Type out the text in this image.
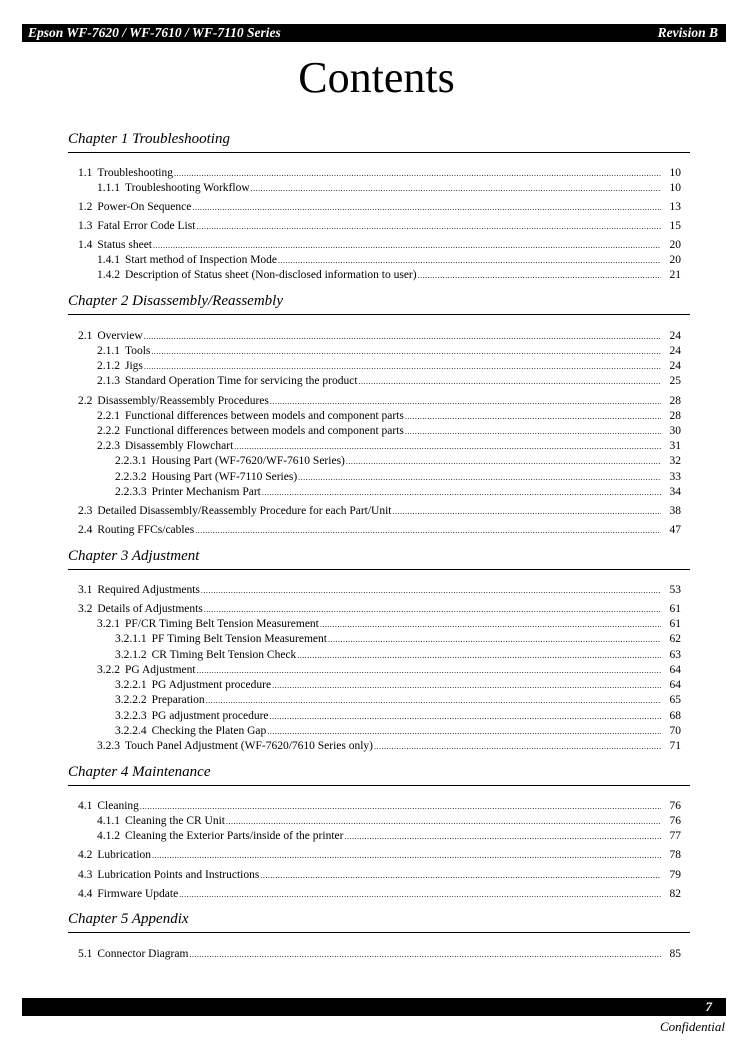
Epson WF-7620 / WF-7610 / WF-7110 Series	Revision B
Contents
Chapter 1 Troubleshooting
1.1 Troubleshooting .....	10
1.1.1 Troubleshooting Workflow .....	10
1.2 Power-On Sequence .....	13
1.3 Fatal Error Code List .....	15
1.4 Status sheet .....	20
1.4.1 Start method of Inspection Mode .....	20
1.4.2 Description of Status sheet (Non-disclosed information to user) .....	21
Chapter 2 Disassembly/Reassembly
2.1 Overview .....	24
2.1.1 Tools .....	24
2.1.2 Jigs .....	24
2.1.3 Standard Operation Time for servicing the product .....	25
2.2 Disassembly/Reassembly Procedures .....	28
2.2.1 Functional differences between models and component parts .....	28
2.2.2 Functional differences between models and component parts .....	30
2.2.3 Disassembly Flowchart .....	31
2.2.3.1 Housing Part (WF-7620/WF-7610 Series) .....	32
2.2.3.2 Housing Part (WF-7110 Series) .....	33
2.2.3.3 Printer Mechanism Part .....	34
2.3 Detailed Disassembly/Reassembly Procedure for each Part/Unit .....	38
2.4 Routing FFCs/cables .....	47
Chapter 3 Adjustment
3.1 Required Adjustments .....	53
3.2 Details of Adjustments .....	61
3.2.1 PF/CR Timing Belt Tension Measurement .....	61
3.2.1.1 PF Timing Belt Tension Measurement .....	62
3.2.1.2 CR Timing Belt Tension Check .....	63
3.2.2 PG Adjustment .....	64
3.2.2.1 PG Adjustment procedure .....	64
3.2.2.2 Preparation .....	65
3.2.2.3 PG adjustment procedure .....	68
3.2.2.4 Checking the Platen Gap .....	70
3.2.3 Touch Panel Adjustment (WF-7620/7610 Series only) .....	71
Chapter 4 Maintenance
4.1 Cleaning .....	76
4.1.1 Cleaning the CR Unit .....	76
4.1.2 Cleaning the Exterior Parts/inside of the printer .....	77
4.2 Lubrication .....	78
4.3 Lubrication Points and Instructions .....	79
4.4 Firmware Update .....	82
Chapter 5 Appendix
5.1 Connector Diagram .....	85
7
Confidential
